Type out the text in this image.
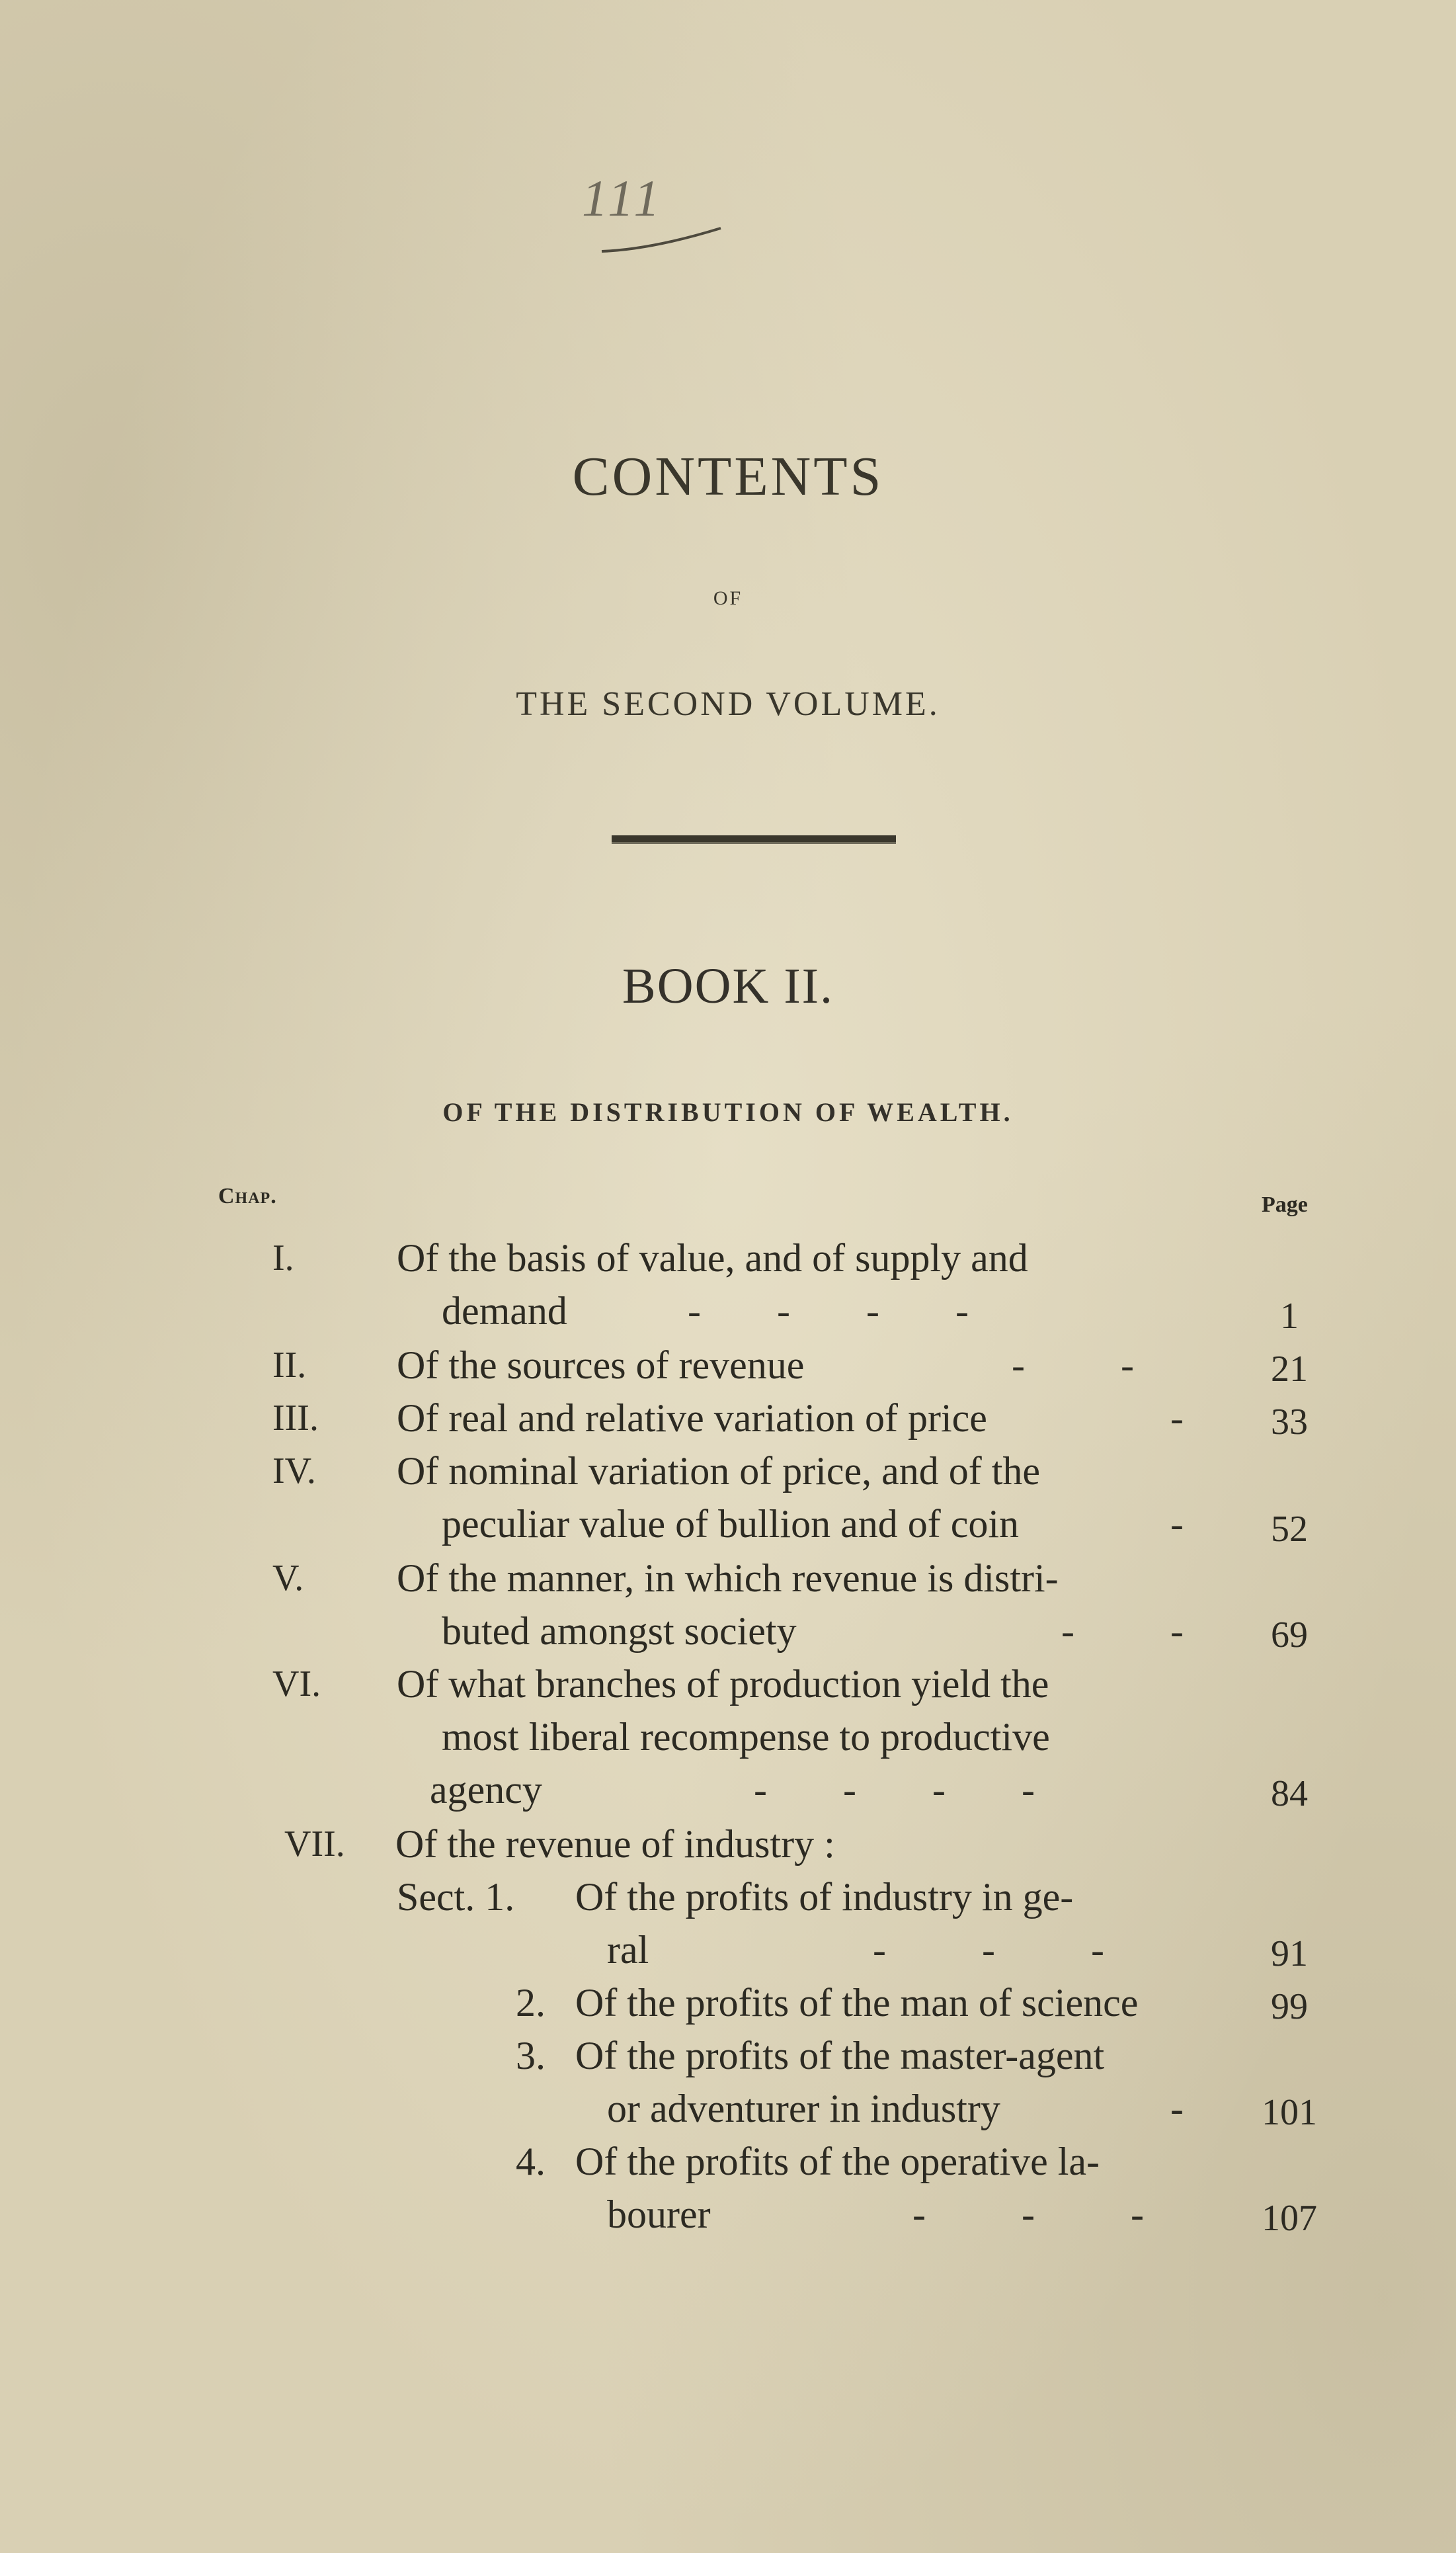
111
CONTENTS
OF
THE SECOND VOLUME.
BOOK II.
OF THE DISTRIBUTION OF WEALTH.
Chap.	Page
I.	Of the basis of value, and of supply and
demand	- - - -	1
II. Of the sources of revenue	- -	21
III. Of real and relative variation of price	-	33
IV. Of nominal variation of price, and of the
peculiar value of bullion and of coin	-	52
V. Of the manner, in which revenue is distri-
buted amongst society	- -	69
VI. Of what branches of production yield the
most liberal recompense to productive
agency	- - - -	84
VII. Of the revenue of industry :
Sect. 1. Of the profits of industry in ge-
ral	- - -	91
2. Of the profits of the man of science	99
3. Of the profits of the master-agent
or adventurer in industry	-	101
4. Of the profits of the operative la-
bourer	- - -	107
